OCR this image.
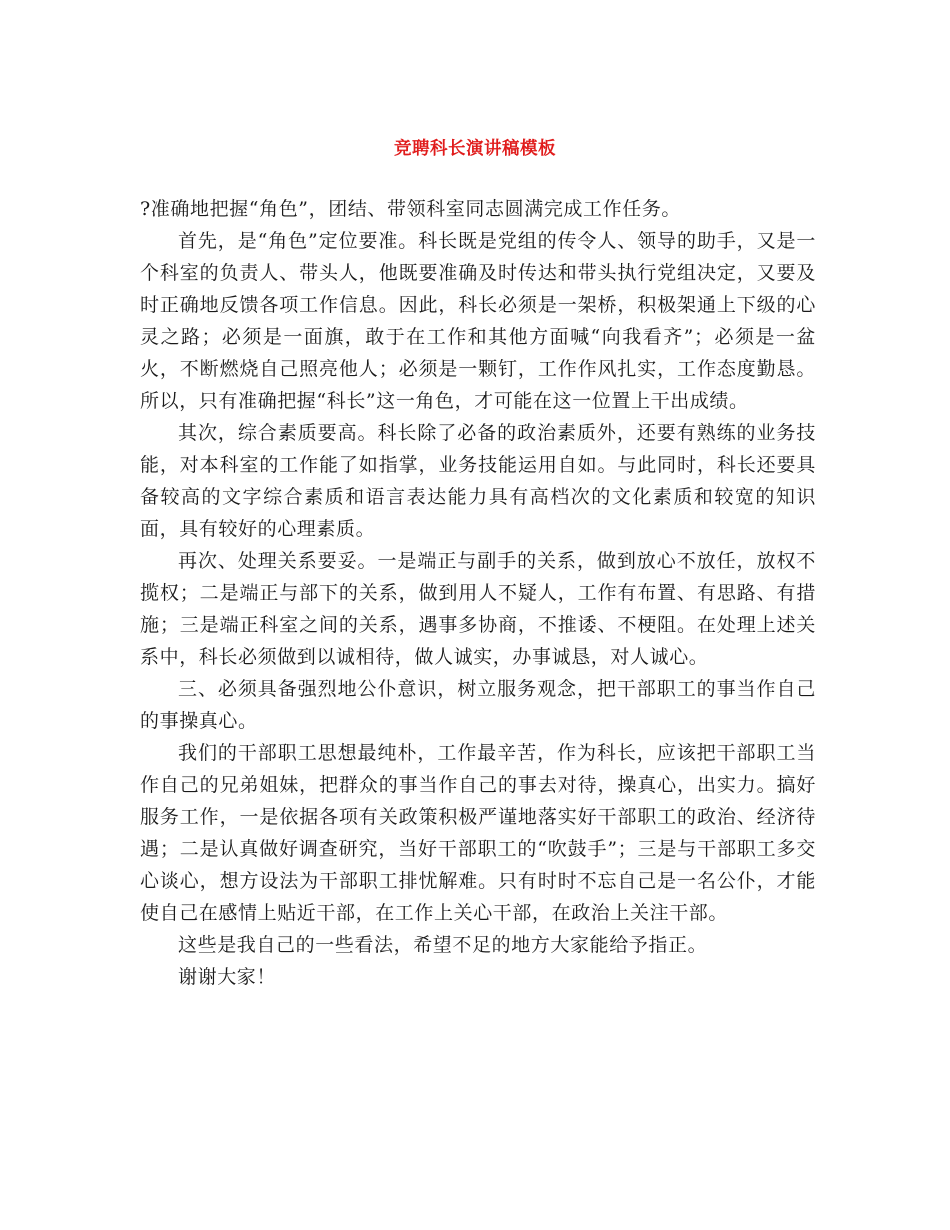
竞聘科长演讲稿模板

?准确地把握“角色”，团结、带领科室同志圆满完成工作任务。

首先，是“角色”定位要准。科长既是党组的传令人、领导的助手，又是一个科室的负责人、带头人，他既要准确及时传达和带头执行党组决定，又要及时正确地反馈各项工作信息。因此，科长必须是一架桥，积极架通上下级的心灵之路；必须是一面旗，敢于在工作和其他方面喊“向我看齐”；必须是一盆火，不断燃烧自己照亮他人；必须是一颗钉，工作作风扎实，工作态度勤恳。所以，只有准确把握“科长”这一角色，才可能在这一位置上干出成绩。

其次，综合素质要高。科长除了必备的政治素质外，还要有熟练的业务技能，对本科室的工作能了如指掌，业务技能运用自如。与此同时，科长还要具备较高的文字综合素质和语言表达能力具有高档次的文化素质和较宽的知识面，具有较好的心理素质。

再次、处理关系要妥。一是端正与副手的关系，做到放心不放任，放权不揽权；二是端正与部下的关系，做到用人不疑人，工作有布置、有思路、有措施；三是端正科室之间的关系，遇事多协商，不推诿、不梗阻。在处理上述关系中，科长必须做到以诚相待，做人诚实，办事诚恳，对人诚心。

三、必须具备强烈地公仆意识，树立服务观念，把干部职工的事当作自己的事操真心。

我们的干部职工思想最纯朴，工作最辛苦，作为科长，应该把干部职工当作自己的兄弟姐妹，把群众的事当作自己的事去对待，操真心，出实力。搞好服务工作，一是依据各项有关政策积极严谨地落实好干部职工的政治、经济待遇；二是认真做好调查研究，当好干部职工的“吹鼓手”；三是与干部职工多交心谈心，想方设法为干部职工排忧解难。只有时时不忘自己是一名公仆，才能使自己在感情上贴近干部，在工作上关心干部，在政治上关注干部。

这些是我自己的一些看法，希望不足的地方大家能给予指正。

谢谢大家！
